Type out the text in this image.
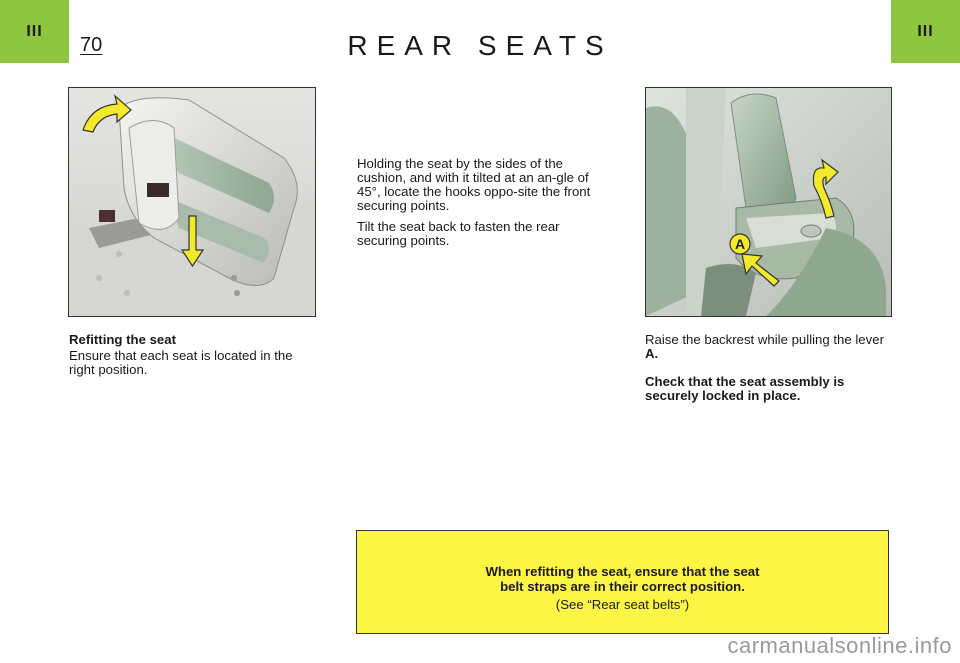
III	III
70	REAR SEATS
A

Holding the seat by the sides of the cushion, and with it tilted at an an-gle of 45°, locate the hooks oppo-site the front securing points.

Tilt the seat back to fasten the rear securing points.

Refitting the seat

Ensure that each seat is located in the right position.

Raise the backrest while pulling the lever A.

Check that the seat assembly is securely locked in place.

When refitting the seat, ensure that the seat
belt straps are in their correct position.
(See “Rear seat belts”)
carmanualsonline.info
